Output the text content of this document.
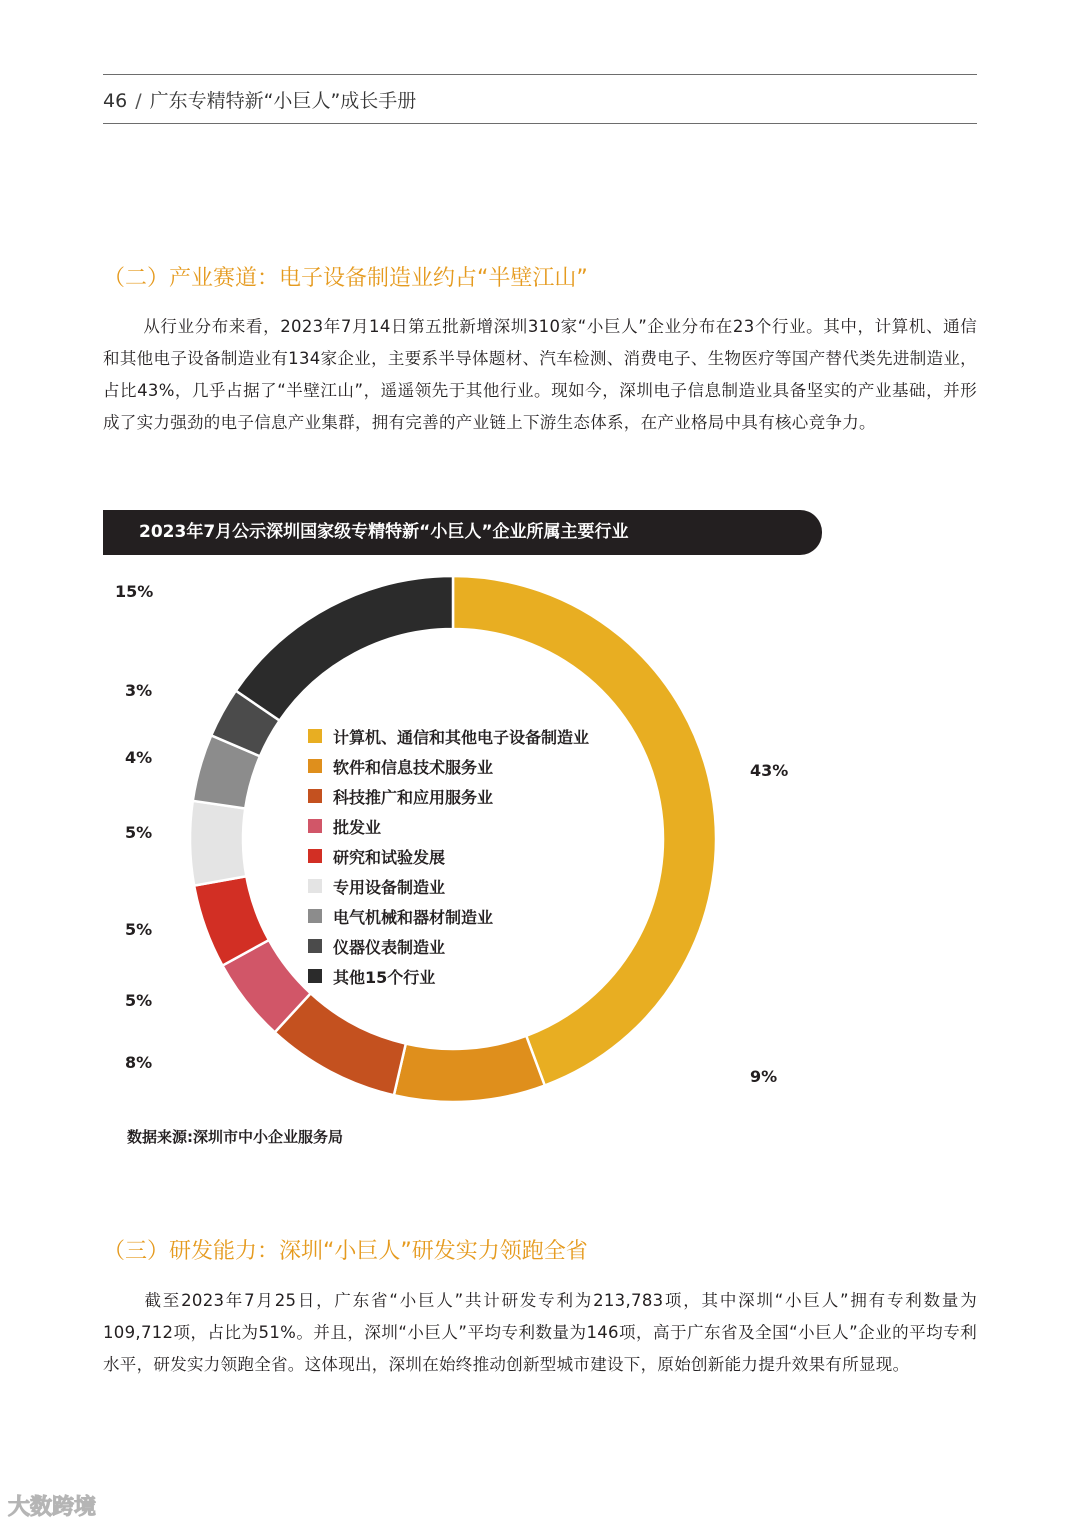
46 / 广东专精特新“小巨人”成长手册
（二）产业赛道：电子设备制造业约占“半壁江山”
从行业分布来看，2023年7月14日第五批新增深圳310家“小巨人”企业分布在23个行业。其中，计算机、通信和其他电子设备制造业有134家企业，主要系半导体题材、汽车检测、消费电子、生物医疗等国产替代类先进制造业，占比43%，几乎占据了“半壁江山”，遥遥领先于其他行业。现如今，深圳电子信息制造业具备坚实的产业基础，并形成了实力强劲的电子信息产业集群，拥有完善的产业链上下游生态体系，在产业格局中具有核心竞争力。
2023年7月公示深圳国家级专精特新“小巨人”企业所属主要行业
43%
9%
8%
5%
5%
5%
4%
3%
15%
计算机、通信和其他电子设备制造业
软件和信息技术服务业
科技推广和应用服务业
批发业
研究和试验发展
专用设备制造业
电气机械和器材制造业
仪器仪表制造业
其他15个行业
数据来源:深圳市中小企业服务局
（三）研发能力：深圳“小巨人”研发实力领跑全省
截至2023年7月25日，广东省“小巨人”共计研发专利为213,783项，其中深圳“小巨人”拥有专利数量为109,712项，占比为51%。并且，深圳“小巨人”平均专利数量为146项，高于广东省及全国“小巨人”企业的平均专利水平，研发实力领跑全省。这体现出，深圳在始终推动创新型城市建设下，原始创新能力提升效果有所显现。
大数跨境
